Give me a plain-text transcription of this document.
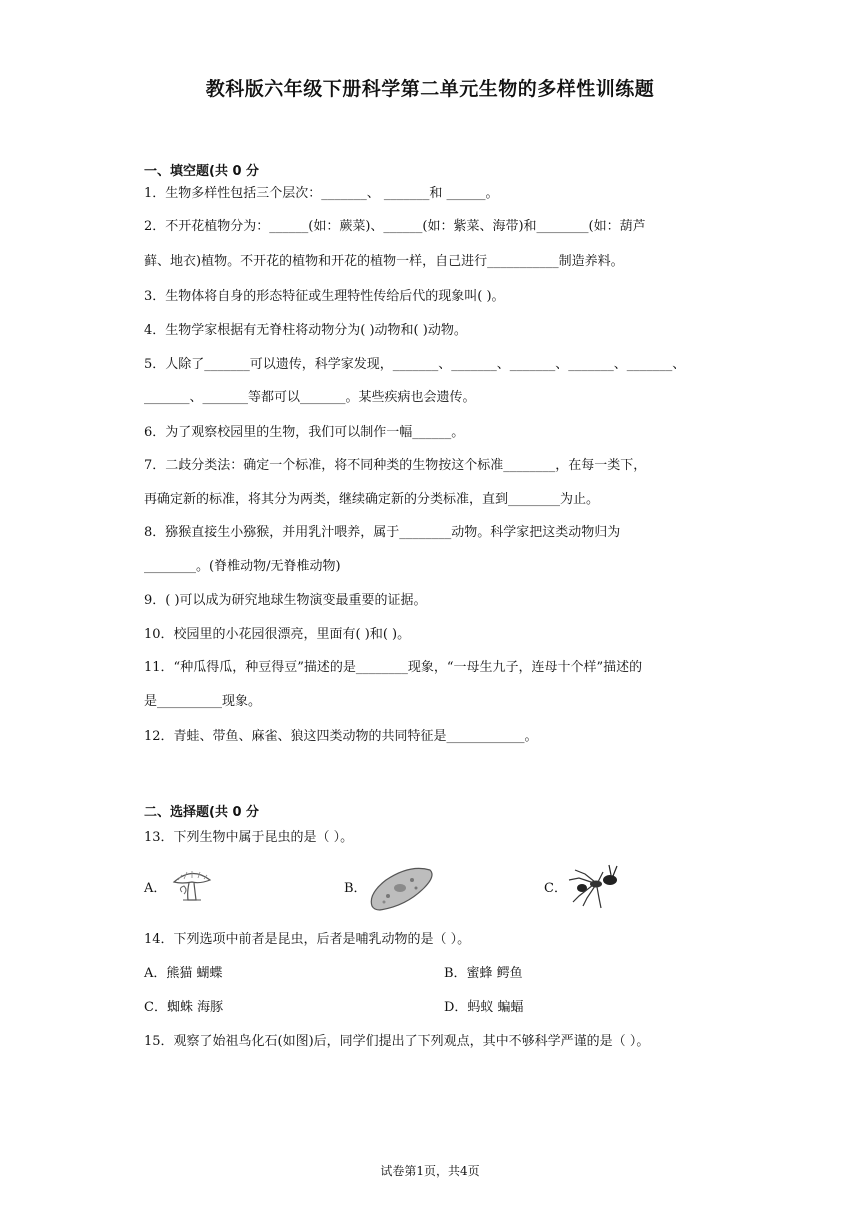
教科版六年级下册科学第二单元生物的多样性训练题
一、填空题(共 0 分
1．生物多样性包括三个层次：_______、 _______和 ______。
2．不开花植物分为：______(如：蕨菜)、______(如：紫菜、海带)和________(如：葫芦
藓、地衣)植物。不开花的植物和开花的植物一样，自己进行___________制造养料。
3．生物体将自身的形态特征或生理特性传给后代的现象叫( )。
4．生物学家根据有无脊柱将动物分为( )动物和( )动物。
5．人除了_______可以遗传，科学家发现，_______、_______、_______、_______、_______、
_______、_______等都可以_______。某些疾病也会遗传。
6．为了观察校园里的生物，我们可以制作一幅______。
7．二歧分类法：确定一个标准，将不同种类的生物按这个标准________，在每一类下，
再确定新的标准，将其分为两类，继续确定新的分类标准，直到________为止。
8．猕猴直接生小猕猴，并用乳汁喂养，属于________动物。科学家把这类动物归为
________。(脊椎动物/无脊椎动物)
9．( )可以成为研究地球生物演变最重要的证据。
10．校园里的小花园很漂亮，里面有( )和( )。
11．“种瓜得瓜，种豆得豆”描述的是________现象，“一母生九子，连母十个样”描述的
是__________现象。
12．青蛙、带鱼、麻雀、狼这四类动物的共同特征是____________。
二、选择题(共 0 分
13．下列生物中属于昆虫的是（ ）。
A．	B．	C．
14．下列选项中前者是昆虫，后者是哺乳动物的是（ ）。
A．熊猫 蝴蝶	B．蜜蜂 鳄鱼
C．蜘蛛 海豚	D．蚂蚁 蝙蝠
15．观察了始祖鸟化石(如图)后，同学们提出了下列观点，其中不够科学严谨的是（ ）。
试卷第1页，共4页
